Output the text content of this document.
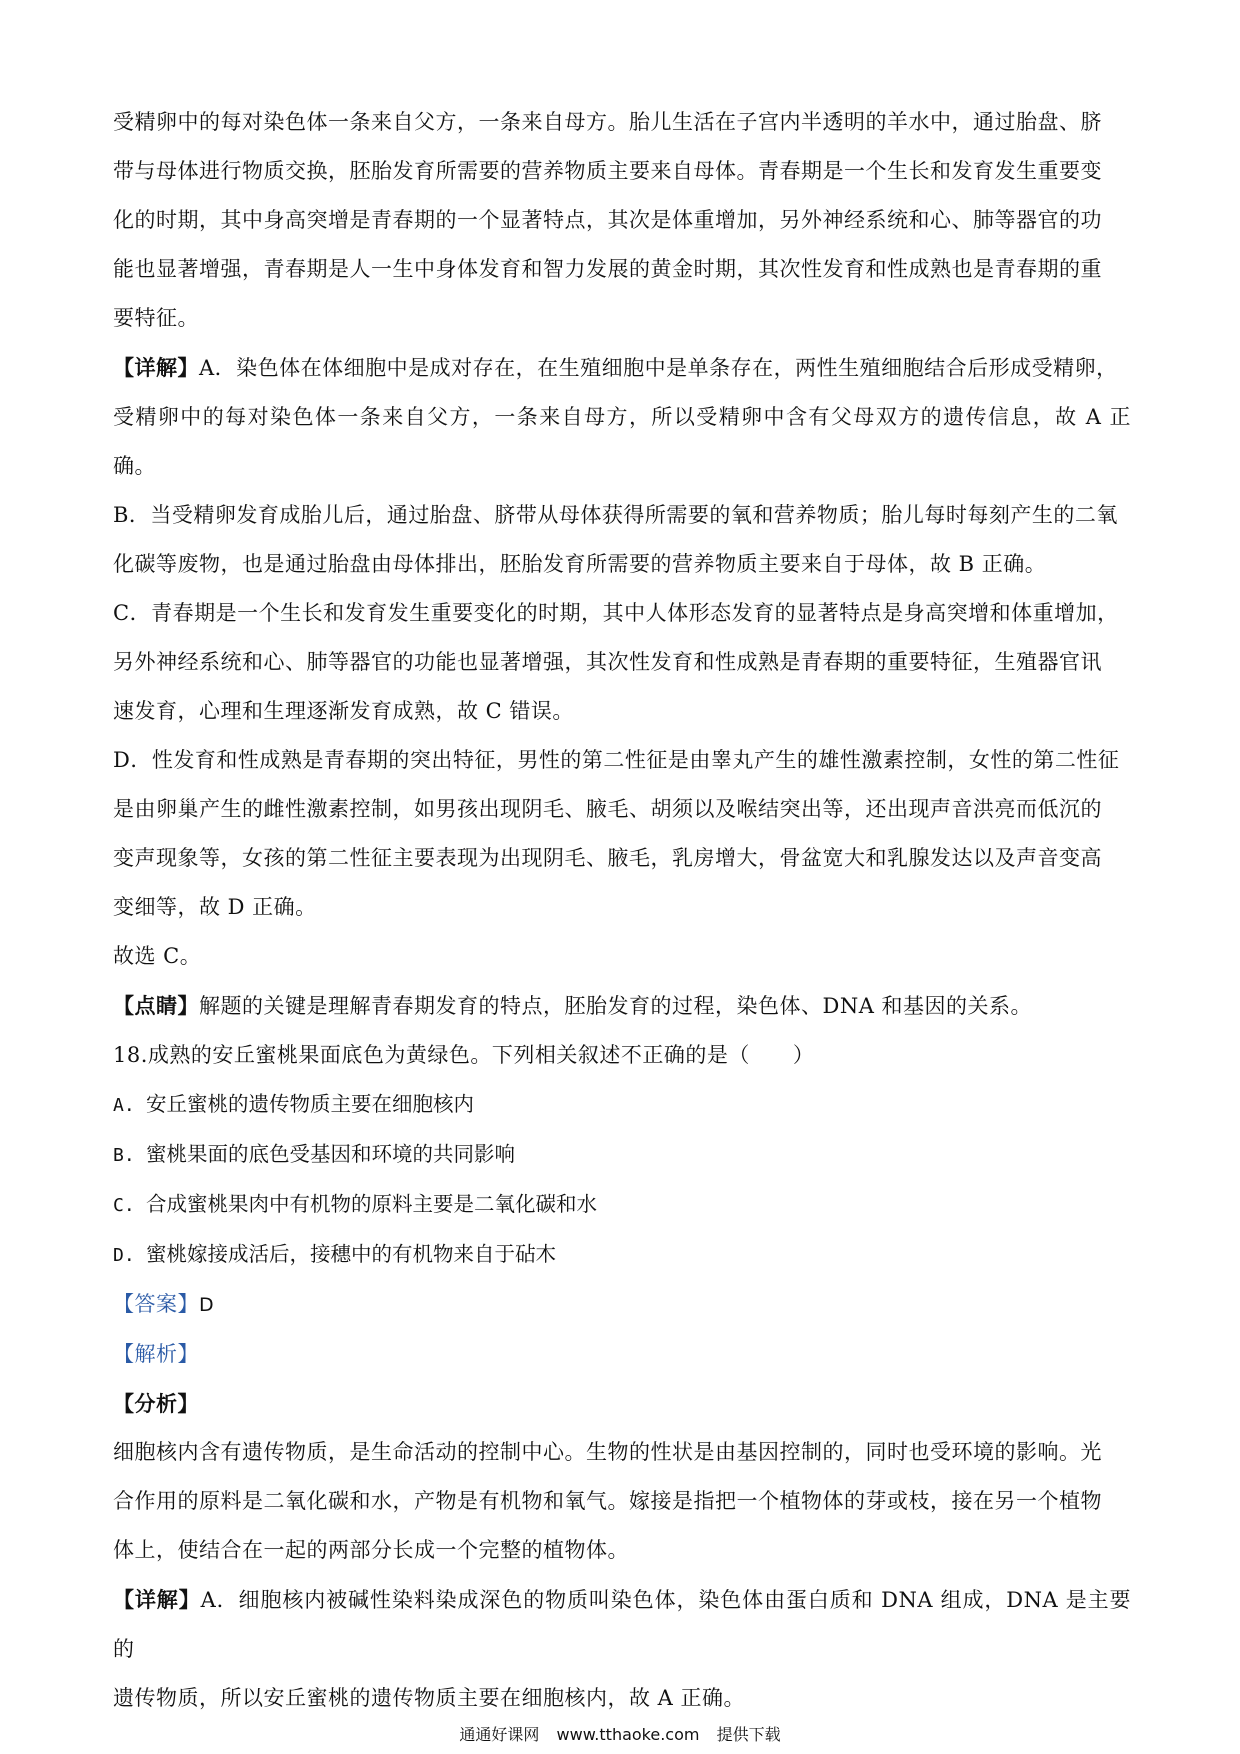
受精卵中的每对染色体一条来自父方，一条来自母方。胎儿生活在子宫内半透明的羊水中，通过胎盘、脐

带与母体进行物质交换，胚胎发育所需要的营养物质主要来自母体。青春期是一个生长和发育发生重要变

化的时期，其中身高突增是青春期的一个显著特点，其次是体重增加，另外神经系统和心、肺等器官的功

能也显著增强，青春期是人一生中身体发育和智力发展的黄金时期，其次性发育和性成熟也是青春期的重

要特征。

【详解】A．染色体在体细胞中是成对存在，在生殖细胞中是单条存在，两性生殖细胞结合后形成受精卵，

受精卵中的每对染色体一条来自父方，一条来自母方，所以受精卵中含有父母双方的遗传信息，故 A 正确。

B．当受精卵发育成胎儿后，通过胎盘、脐带从母体获得所需要的氧和营养物质；胎儿每时每刻产生的二氧

化碳等废物，也是通过胎盘由母体排出，胚胎发育所需要的营养物质主要来自于母体，故 B 正确。

C．青春期是一个生长和发育发生重要变化的时期，其中人体形态发育的显著特点是身高突增和体重增加，

另外神经系统和心、肺等器官的功能也显著增强，其次性发育和性成熟是青春期的重要特征，生殖器官讯

速发育，心理和生理逐渐发育成熟，故 C 错误。

D．性发育和性成熟是青春期的突出特征，男性的第二性征是由睾丸产生的雄性激素控制，女性的第二性征

是由卵巢产生的雌性激素控制，如男孩出现阴毛、腋毛、胡须以及喉结突出等，还出现声音洪亮而低沉的

变声现象等，女孩的第二性征主要表现为出现阴毛、腋毛，乳房增大，骨盆宽大和乳腺发达以及声音变高

变细等，故 D 正确。

故选 C。

【点睛】解题的关键是理解青春期发育的特点，胚胎发育的过程，染色体、DNA 和基因的关系。

18.成熟的安丘蜜桃果面底色为黄绿色。下列相关叙述不正确的是（　　）

A. 安丘蜜桃的遗传物质主要在细胞核内

B. 蜜桃果面的底色受基因和环境的共同影响

C. 合成蜜桃果肉中有机物的原料主要是二氧化碳和水

D. 蜜桃嫁接成活后，接穗中的有机物来自于砧木

【答案】D

【解析】

【分析】

细胞核内含有遗传物质，是生命活动的控制中心。生物的性状是由基因控制的，同时也受环境的影响。光

合作用的原料是二氧化碳和水，产物是有机物和氧气。嫁接是指把一个植物体的芽或枝，接在另一个植物

体上，使结合在一起的两部分长成一个完整的植物体。

【详解】A．细胞核内被碱性染料染成深色的物质叫染色体，染色体由蛋白质和 DNA 组成，DNA 是主要的

遗传物质，所以安丘蜜桃的遗传物质主要在细胞核内，故 A 正确。

通通好课网 www.tthaoke.com 提供下载
